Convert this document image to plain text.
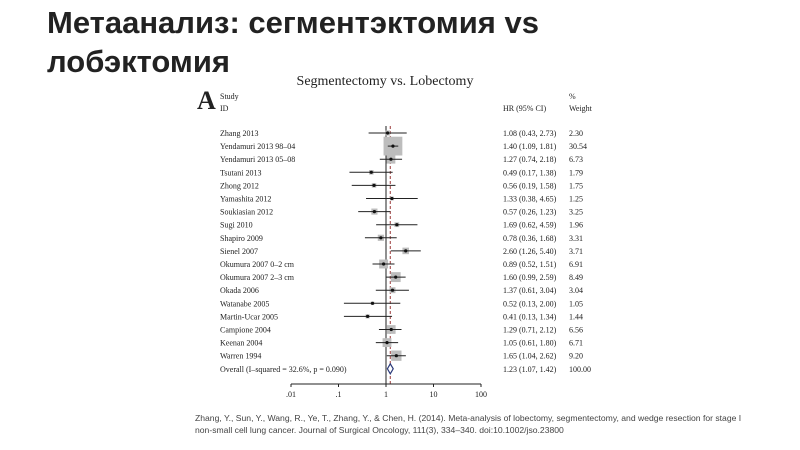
Метаанализ: сегментэктомия vs
лобэктомия
A
Segmentectomy vs. Lobectomy
Study
ID	HR (95% CI)
%
Weight
Zhang 2013	1.08 (0.43, 2.73) 2.30
Yendamuri 2013 98–04	1.40 (1.09, 1.81) 30.54
Yendamuri 2013 05–08	1.27 (0.74, 2.18) 6.73
Tsutani 2013	0.49 (0.17, 1.38) 1.79
Zhong 2012	0.56 (0.19, 1.58) 1.75
Yamashita 2012	1.33 (0.38, 4.65) 1.25
Soukiasian 2012	0.57 (0.26, 1.23) 3.25
Sugi 2010	1.69 (0.62, 4.59) 1.96
Shapiro 2009	0.78 (0.36, 1.68) 3.31
Sienel 2007	2.60 (1.26, 5.40) 3.71
Okumura 2007 0–2 cm	0.89 (0.52, 1.51) 6.91
Okumura 2007 2–3 cm	1.60 (0.99, 2.59) 8.49
Okada 2006	1.37 (0.61, 3.04) 3.04
Watanabe 2005	0.52 (0.13, 2.00) 1.05
Martin-Ucar 2005	0.41 (0.13, 1.34) 1.44
Campione 2004	1.29 (0.71, 2.12) 6.56
Keenan 2004	1.05 (0.61, 1.80) 6.71
Warren 1994	1.65 (1.04, 2.62) 9.20
Overall (I–squared = 32.6%, p = 0.090)	1.23 (1.07, 1.42) 100.00
.01	.1	1	10	100
Zhang, Y., Sun, Y., Wang, R., Ye, T., Zhang, Y., & Chen, H. (2014). Meta-analysis of lobectomy, segmentectomy, and wedge resection for stage I non-small cell lung cancer. Journal of Surgical Oncology, 111(3), 334–340. doi:10.1002/jso.23800
